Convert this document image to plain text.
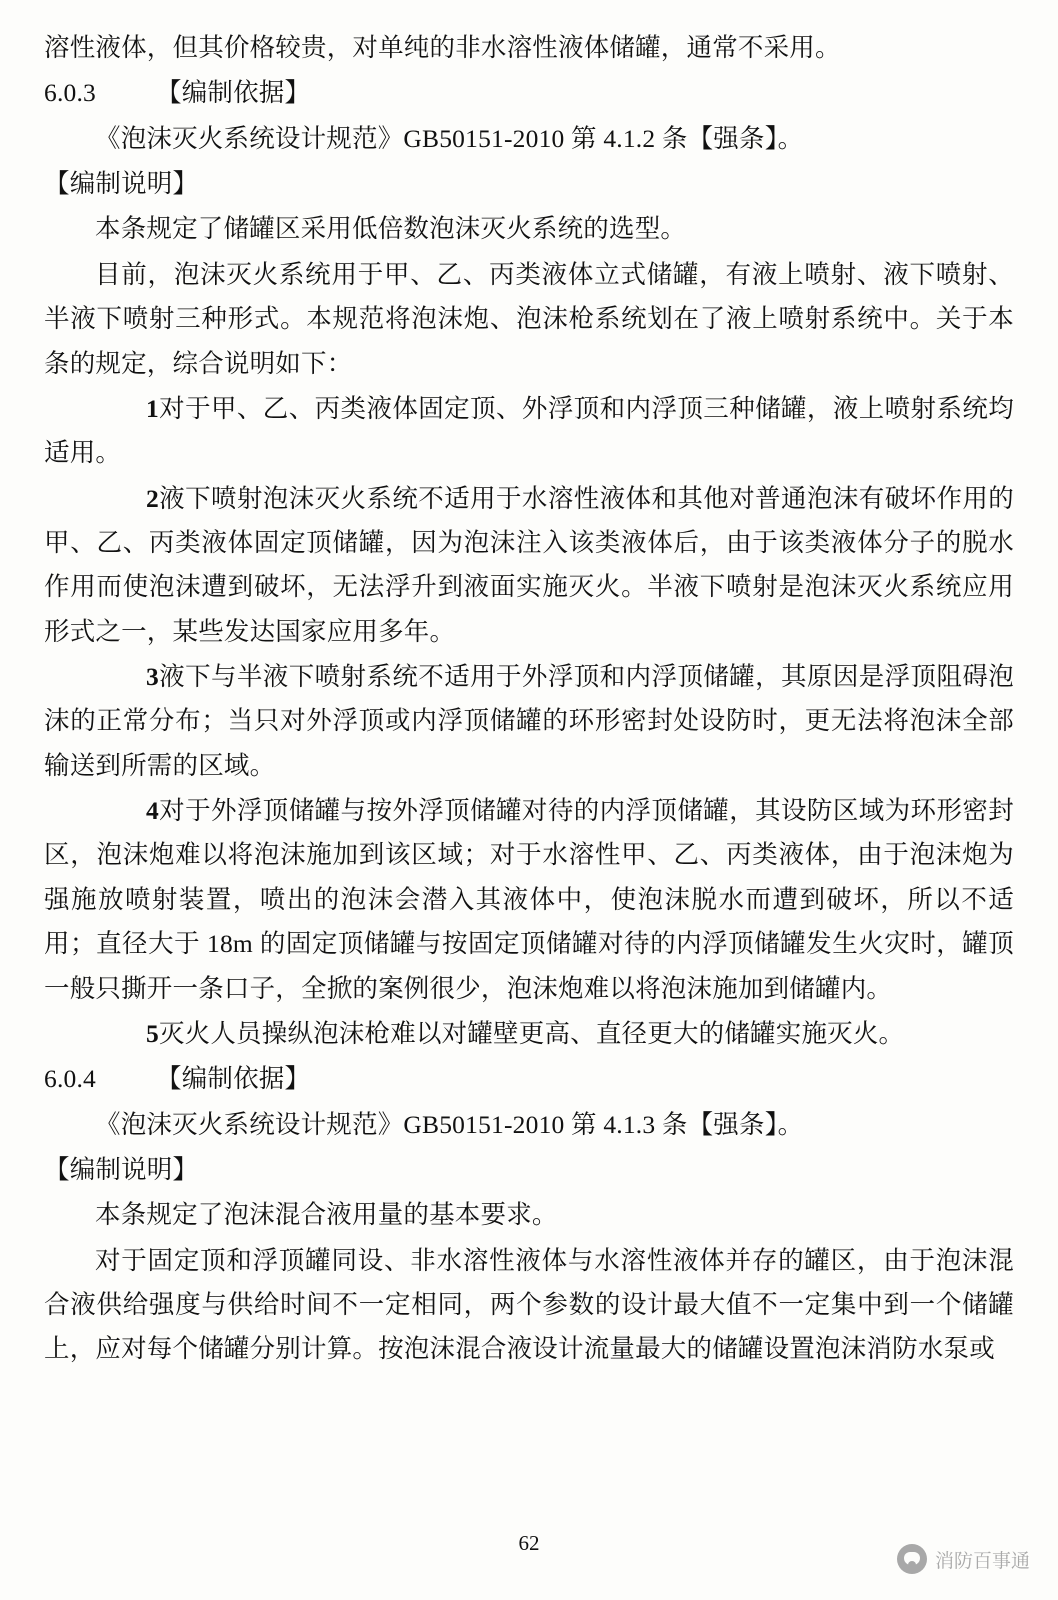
溶性液体，但其价格较贵，对单纯的非水溶性液体储罐，通常不采用。

6.0.3 【编制依据】

《泡沫灭火系统设计规范》GB50151-2010 第 4.1.2 条【强条】。

【编制说明】

本条规定了储罐区采用低倍数泡沫灭火系统的选型。

目前，泡沫灭火系统用于甲、乙、丙类液体立式储罐，有液上喷射、液下喷射、半液下喷射三种形式。本规范将泡沫炮、泡沫枪系统划在了液上喷射系统中。关于本条的规定，综合说明如下：

1对于甲、乙、丙类液体固定顶、外浮顶和内浮顶三种储罐，液上喷射系统均适用。

2液下喷射泡沫灭火系统不适用于水溶性液体和其他对普通泡沫有破坏作用的甲、乙、丙类液体固定顶储罐，因为泡沫注入该类液体后，由于该类液体分子的脱水作用而使泡沫遭到破坏，无法浮升到液面实施灭火。半液下喷射是泡沫灭火系统应用形式之一，某些发达国家应用多年。

3液下与半液下喷射系统不适用于外浮顶和内浮顶储罐，其原因是浮顶阻碍泡沫的正常分布；当只对外浮顶或内浮顶储罐的环形密封处设防时，更无法将泡沫全部输送到所需的区域。

4对于外浮顶储罐与按外浮顶储罐对待的内浮顶储罐，其设防区域为环形密封区，泡沫炮难以将泡沫施加到该区域；对于水溶性甲、乙、丙类液体，由于泡沫炮为强施放喷射装置，喷出的泡沫会潜入其液体中，使泡沫脱水而遭到破坏，所以不适用；直径大于 18m 的固定顶储罐与按固定顶储罐对待的内浮顶储罐发生火灾时，罐顶一般只撕开一条口子，全掀的案例很少，泡沫炮难以将泡沫施加到储罐内。

5灭火人员操纵泡沫枪难以对罐壁更高、直径更大的储罐实施灭火。

6.0.4 【编制依据】

《泡沫灭火系统设计规范》GB50151-2010 第 4.1.3 条【强条】。

【编制说明】

本条规定了泡沫混合液用量的基本要求。

对于固定顶和浮顶罐同设、非水溶性液体与水溶性液体并存的罐区，由于泡沫混合液供给强度与供给时间不一定相同，两个参数的设计最大值不一定集中到一个储罐上，应对每个储罐分别计算。按泡沫混合液设计流量最大的储罐设置泡沫消防水泵或

62
消防百事通
